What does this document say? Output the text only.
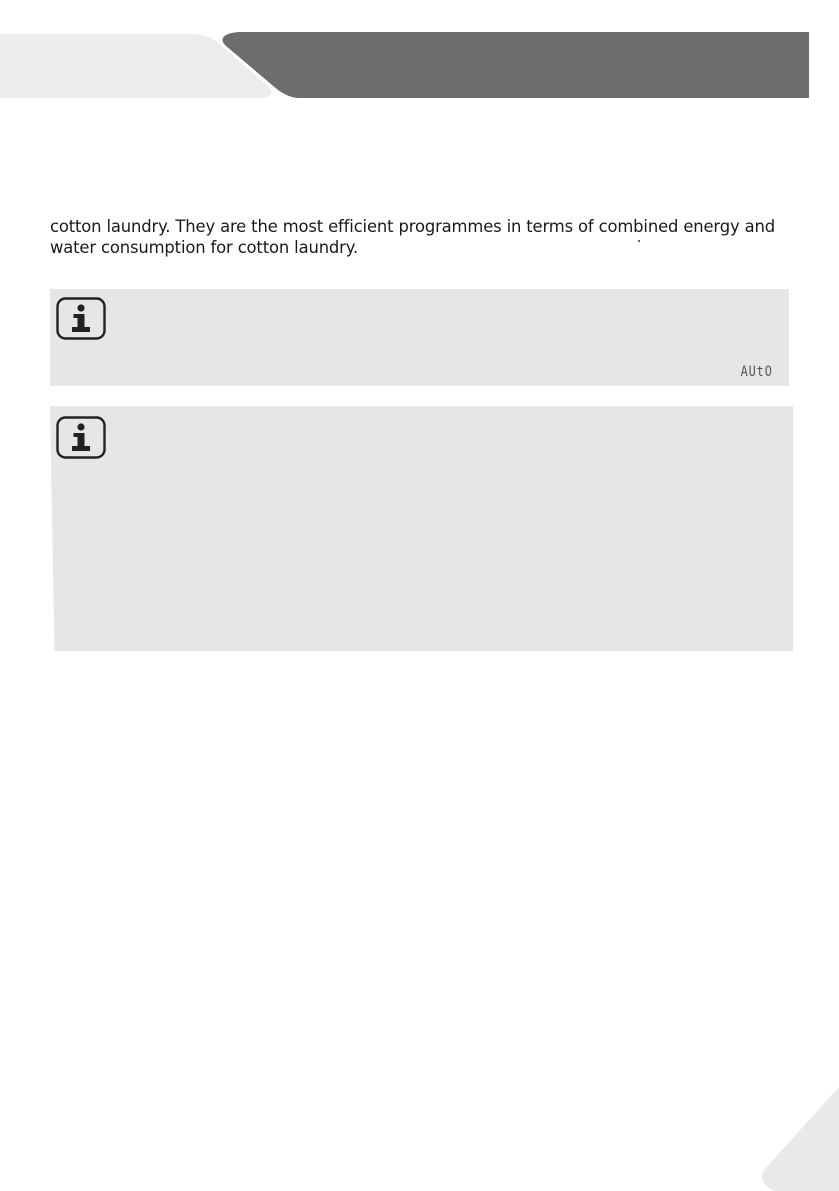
cotton laundry. They are the most efficient programmes in terms of combined energy and
water consumption for cotton laundry.

AUtO
